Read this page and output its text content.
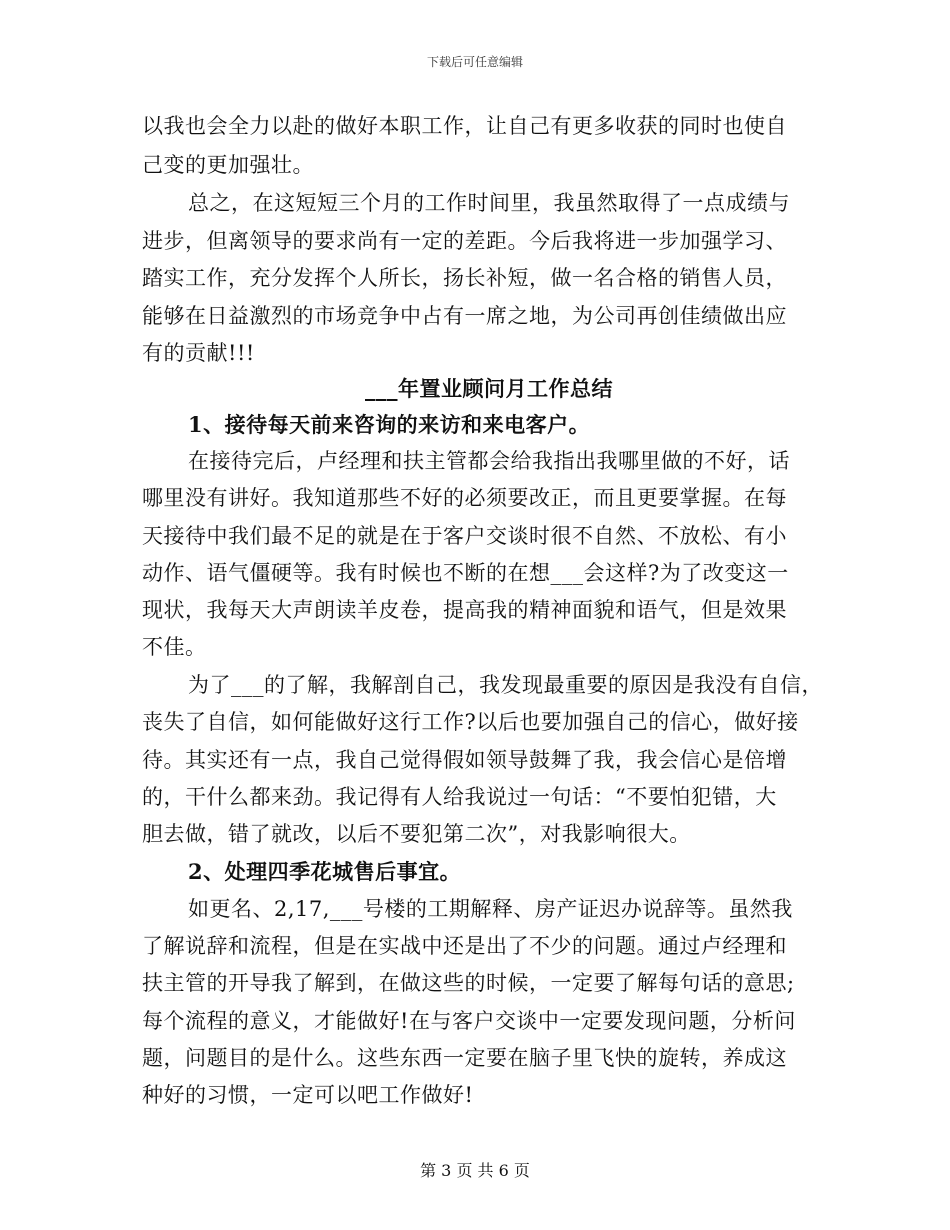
下载后可任意编辑
以我也会全力以赴的做好本职工作，让自己有更多收获的同时也使自
己变的更加强壮。
总之，在这短短三个月的工作时间里，我虽然取得了一点成绩与
进步，但离领导的要求尚有一定的差距。今后我将进一步加强学习、
踏实工作，充分发挥个人所长，扬长补短，做一名合格的销售人员，
能够在日益激烈的市场竞争中占有一席之地，为公司再创佳绩做出应
有的贡献!!!
___年置业顾问月工作总结
1、接待每天前来咨询的来访和来电客户。
在接待完后，卢经理和扶主管都会给我指出我哪里做的不好，话
哪里没有讲好。我知道那些不好的必须要改正，而且更要掌握。在每
天接待中我们最不足的就是在于客户交谈时很不自然、不放松、有小
动作、语气僵硬等。我有时候也不断的在想___会这样?为了改变这一
现状，我每天大声朗读羊皮卷，提高我的精神面貌和语气，但是效果
不佳。
为了___的了解，我解剖自己，我发现最重要的原因是我没有自信，
丧失了自信，如何能做好这行工作?以后也要加强自己的信心，做好接
待。其实还有一点，我自己觉得假如领导鼓舞了我，我会信心是倍增
的，干什么都来劲。我记得有人给我说过一句话：“不要怕犯错，大
胆去做，错了就改，以后不要犯第二次”，对我影响很大。
2、处理四季花城售后事宜。
如更名、2,17,___号楼的工期解释、房产证迟办说辞等。虽然我
了解说辞和流程，但是在实战中还是出了不少的问题。通过卢经理和
扶主管的开导我了解到，在做这些的时候，一定要了解每句话的意思;
每个流程的意义，才能做好!在与客户交谈中一定要发现问题，分析问
题，问题目的是什么。这些东西一定要在脑子里飞快的旋转，养成这
种好的习惯，一定可以吧工作做好!
第 3 页 共 6 页
